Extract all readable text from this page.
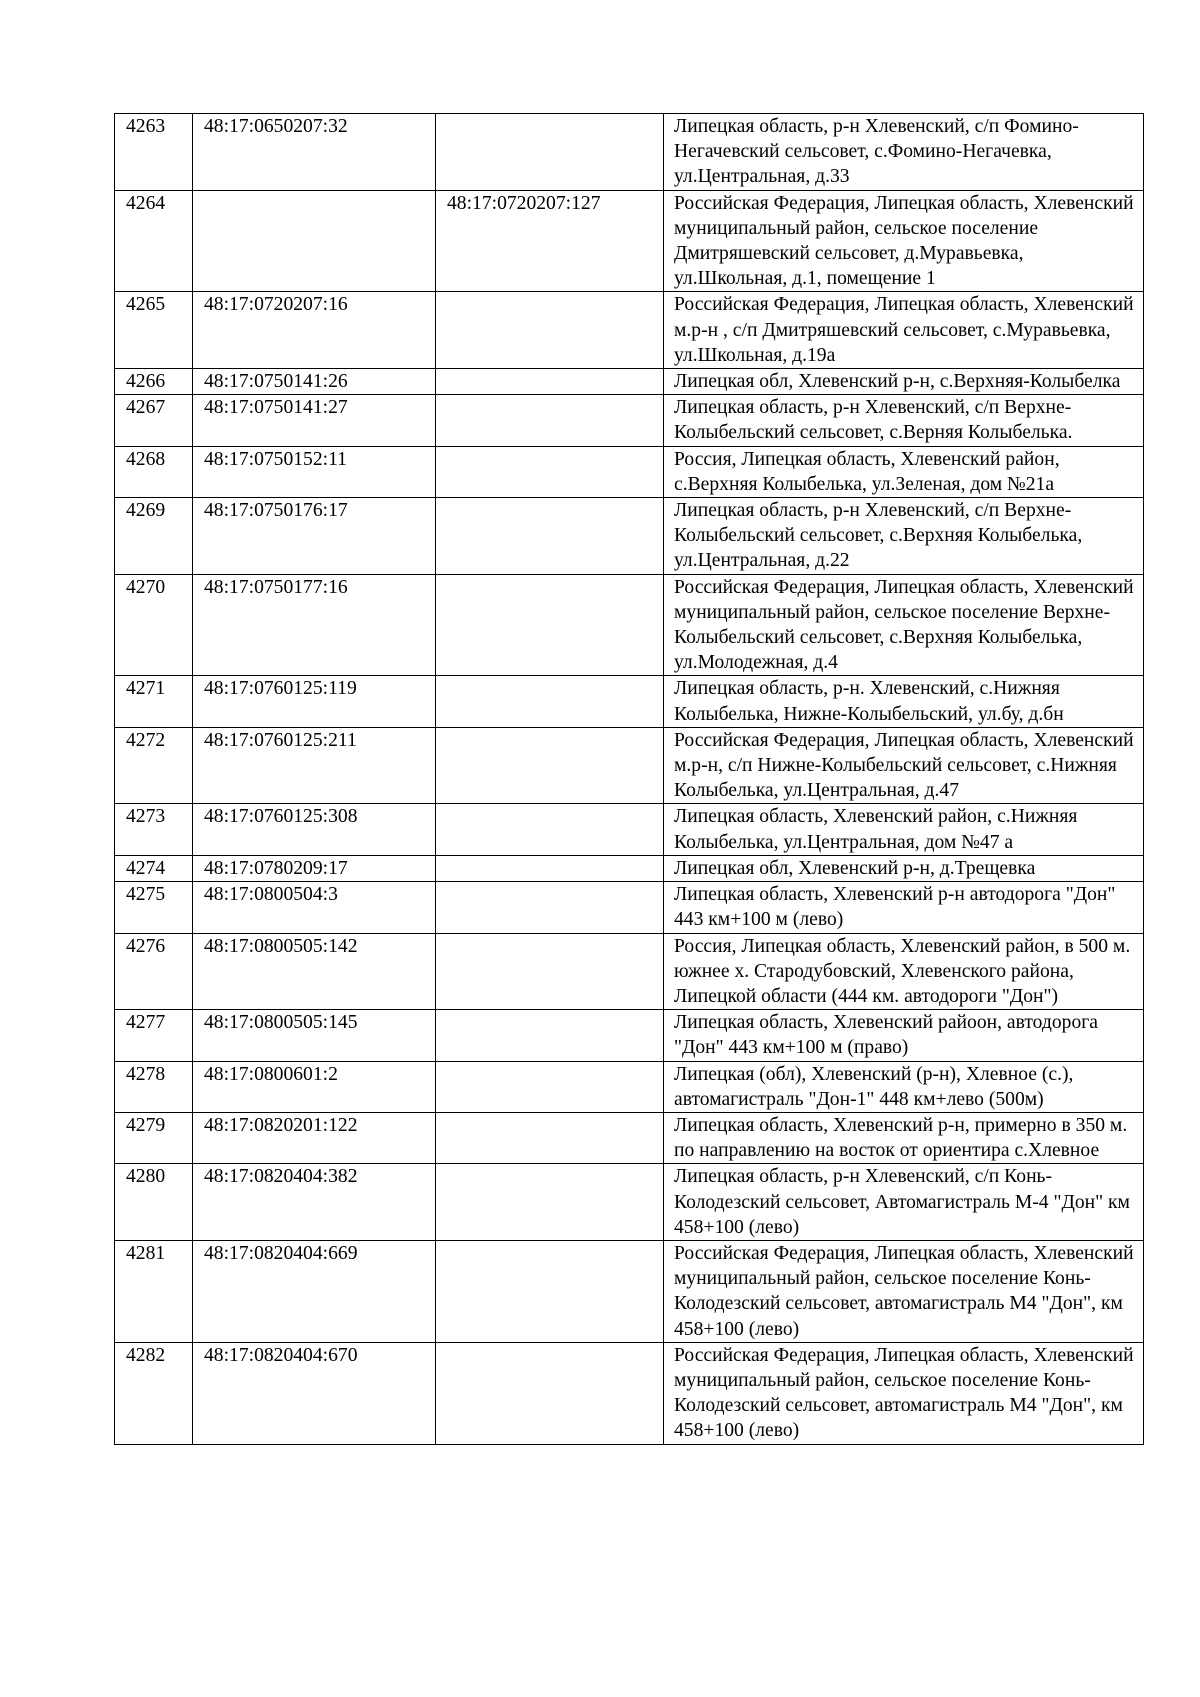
4263	48:17:0650207:32		Липецкая область, р-н Хлевенский, с/п Фомино-Негачевский сельсовет, с.Фомино-Негачевка, ул.Центральная, д.33
4264		48:17:0720207:127	Российская Федерация, Липецкая область, Хлевенский муниципальный район, сельское поселение Дмитряшевский сельсовет, д.Муравьевка, ул.Школьная, д.1, помещение 1
4265	48:17:0720207:16		Российская Федерация, Липецкая область, Хлевенский м.р-н , с/п Дмитряшевский сельсовет, с.Муравьевка, ул.Школьная, д.19а
4266	48:17:0750141:26		Липецкая обл, Хлевенский р-н, с.Верхняя-Колыбелка
4267	48:17:0750141:27		Липецкая область, р-н Хлевенский, с/п Верхне-Колыбельский сельсовет, с.Верняя Колыбелька.
4268	48:17:0750152:11		Россия, Липецкая область, Хлевенский район, с.Верхняя Колыбелька, ул.Зеленая, дом №21а
4269	48:17:0750176:17		Липецкая область, р-н Хлевенский, с/п Верхне-Колыбельский сельсовет, с.Верхняя Колыбелька, ул.Центральная, д.22
4270	48:17:0750177:16		Российская Федерация, Липецкая область, Хлевенский муниципальный район, сельское поселение Верхне-Колыбельский сельсовет, с.Верхняя Колыбелька, ул.Молодежная, д.4
4271	48:17:0760125:119		Липецкая область, р-н. Хлевенский, с.Нижняя Колыбелька, Нижне-Колыбельский, ул.бу, д.бн
4272	48:17:0760125:211		Российская Федерация, Липецкая область, Хлевенский м.р-н, с/п Нижне-Колыбельский сельсовет, с.Нижняя Колыбелька, ул.Центральная, д.47
4273	48:17:0760125:308		Липецкая область, Хлевенский район, с.Нижняя Колыбелька, ул.Центральная, дом №47 а
4274	48:17:0780209:17		Липецкая обл, Хлевенский р-н, д.Трещевка
4275	48:17:0800504:3		Липецкая область, Хлевенский р-н автодорога "Дон" 443 км+100 м (лево)
4276	48:17:0800505:142		Россия, Липецкая область, Хлевенский район, в 500 м. южнее х. Стародубовский, Хлевенского района, Липецкой области (444 км. автодороги "Дон")
4277	48:17:0800505:145		Липецкая область, Хлевенский райоон, автодорога "Дон" 443 км+100 м (право)
4278	48:17:0800601:2		Липецкая (обл), Хлевенский (р-н), Хлевное (с.), автомагистраль "Дон-1" 448 км+лево (500м)
4279	48:17:0820201:122		Липецкая область, Хлевенский р-н, примерно в 350 м. по направлению на восток от ориентира с.Хлевное
4280	48:17:0820404:382		Липецкая область, р-н Хлевенский, с/п Конь-Колодезский сельсовет, Автомагистраль М-4 "Дон" км 458+100 (лево)
4281	48:17:0820404:669		Российская Федерация, Липецкая область, Хлевенский муниципальный район, сельское поселение Конь-Колодезский сельсовет, автомагистраль М4 "Дон", км 458+100 (лево)
4282	48:17:0820404:670		Российская Федерация, Липецкая область, Хлевенский муниципальный район, сельское поселение Конь-Колодезский сельсовет, автомагистраль М4 "Дон", км 458+100 (лево)
